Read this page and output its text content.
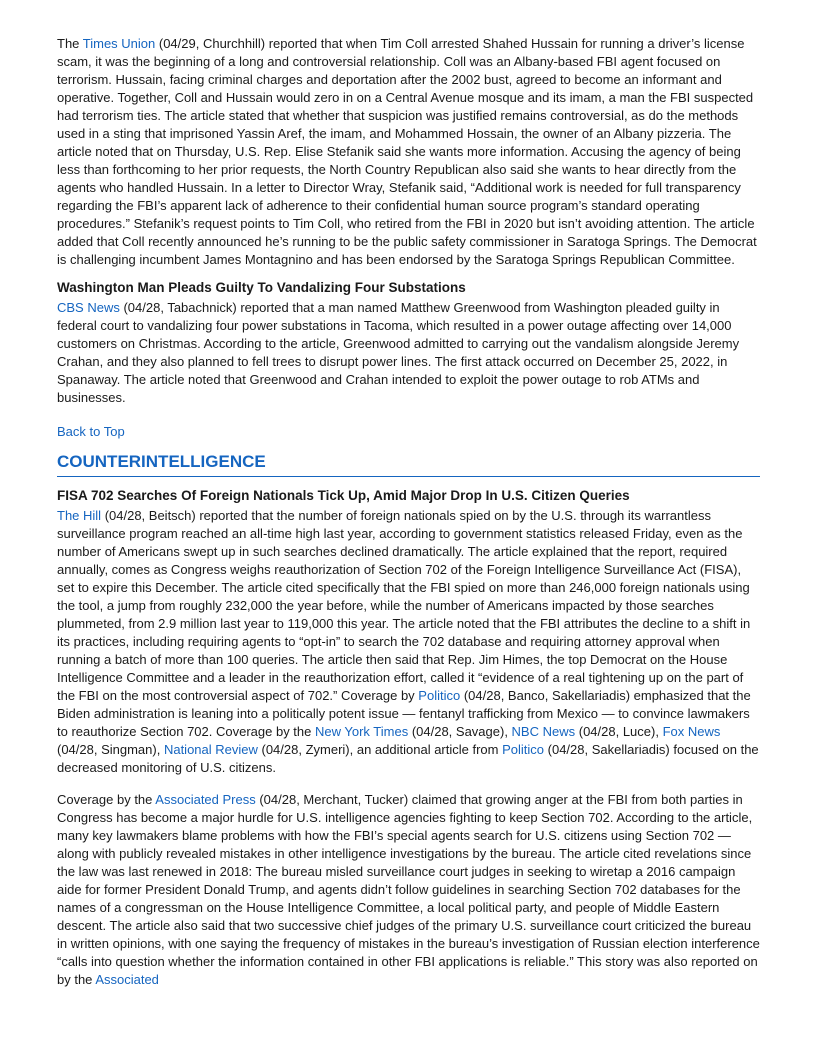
The Times Union (04/29, Churchhill) reported that when Tim Coll arrested Shahed Hussain for running a driver’s license scam, it was the beginning of a long and controversial relationship. Coll was an Albany-based FBI agent focused on terrorism. Hussain, facing criminal charges and deportation after the 2002 bust, agreed to become an informant and operative. Together, Coll and Hussain would zero in on a Central Avenue mosque and its imam, a man the FBI suspected had terrorism ties. The article stated that whether that suspicion was justified remains controversial, as do the methods used in a sting that imprisoned Yassin Aref, the imam, and Mohammed Hossain, the owner of an Albany pizzeria. The article noted that on Thursday, U.S. Rep. Elise Stefanik said she wants more information. Accusing the agency of being less than forthcoming to her prior requests, the North Country Republican also said she wants to hear directly from the agents who handled Hussain. In a letter to Director Wray, Stefanik said, “Additional work is needed for full transparency regarding the FBI’s apparent lack of adherence to their confidential human source program’s standard operating procedures.” Stefanik’s request points to Tim Coll, who retired from the FBI in 2020 but isn’t avoiding attention. The article added that Coll recently announced he’s running to be the public safety commissioner in Saratoga Springs. The Democrat is challenging incumbent James Montagnino and has been endorsed by the Saratoga Springs Republican Committee.

Washington Man Pleads Guilty To Vandalizing Four Substations

CBS News (04/28, Tabachnick) reported that a man named Matthew Greenwood from Washington pleaded guilty in federal court to vandalizing four power substations in Tacoma, which resulted in a power outage affecting over 14,000 customers on Christmas. According to the article, Greenwood admitted to carrying out the vandalism alongside Jeremy Crahan, and they also planned to fell trees to disrupt power lines. The first attack occurred on December 25, 2022, in Spanaway. The article noted that Greenwood and Crahan intended to exploit the power outage to rob ATMs and businesses.

Back to Top

COUNTERINTELLIGENCE
FISA 702 Searches Of Foreign Nationals Tick Up, Amid Major Drop In U.S. Citizen Queries

The Hill (04/28, Beitsch) reported that the number of foreign nationals spied on by the U.S. through its warrantless surveillance program reached an all-time high last year, according to government statistics released Friday, even as the number of Americans swept up in such searches declined dramatically. The article explained that the report, required annually, comes as Congress weighs reauthorization of Section 702 of the Foreign Intelligence Surveillance Act (FISA), set to expire this December. The article cited specifically that the FBI spied on more than 246,000 foreign nationals using the tool, a jump from roughly 232,000 the year before, while the number of Americans impacted by those searches plummeted, from 2.9 million last year to 119,000 this year. The article noted that the FBI attributes the decline to a shift in its practices, including requiring agents to “opt-in” to search the 702 database and requiring attorney approval when running a batch of more than 100 queries. The article then said that Rep. Jim Himes, the top Democrat on the House Intelligence Committee and a leader in the reauthorization effort, called it “evidence of a real tightening up on the part of the FBI on the most controversial aspect of 702.” Coverage by Politico (04/28, Banco, Sakellariadis) emphasized that the Biden administration is leaning into a politically potent issue — fentanyl trafficking from Mexico — to convince lawmakers to reauthorize Section 702. Coverage by the New York Times (04/28, Savage), NBC News (04/28, Luce), Fox News (04/28, Singman), National Review (04/28, Zymeri), an additional article from Politico (04/28, Sakellariadis) focused on the decreased monitoring of U.S. citizens.

Coverage by the Associated Press (04/28, Merchant, Tucker) claimed that growing anger at the FBI from both parties in Congress has become a major hurdle for U.S. intelligence agencies fighting to keep Section 702. According to the article, many key lawmakers blame problems with how the FBI’s special agents search for U.S. citizens using Section 702 — along with publicly revealed mistakes in other intelligence investigations by the bureau. The article cited revelations since the law was last renewed in 2018: The bureau misled surveillance court judges in seeking to wiretap a 2016 campaign aide for former President Donald Trump, and agents didn’t follow guidelines in searching Section 702 databases for the names of a congressman on the House Intelligence Committee, a local political party, and people of Middle Eastern descent. The article also said that two successive chief judges of the primary U.S. surveillance court criticized the bureau in written opinions, with one saying the frequency of mistakes in the bureau’s investigation of Russian election interference “calls into question whether the information contained in other FBI applications is reliable.” This story was also reported on by the Associated
